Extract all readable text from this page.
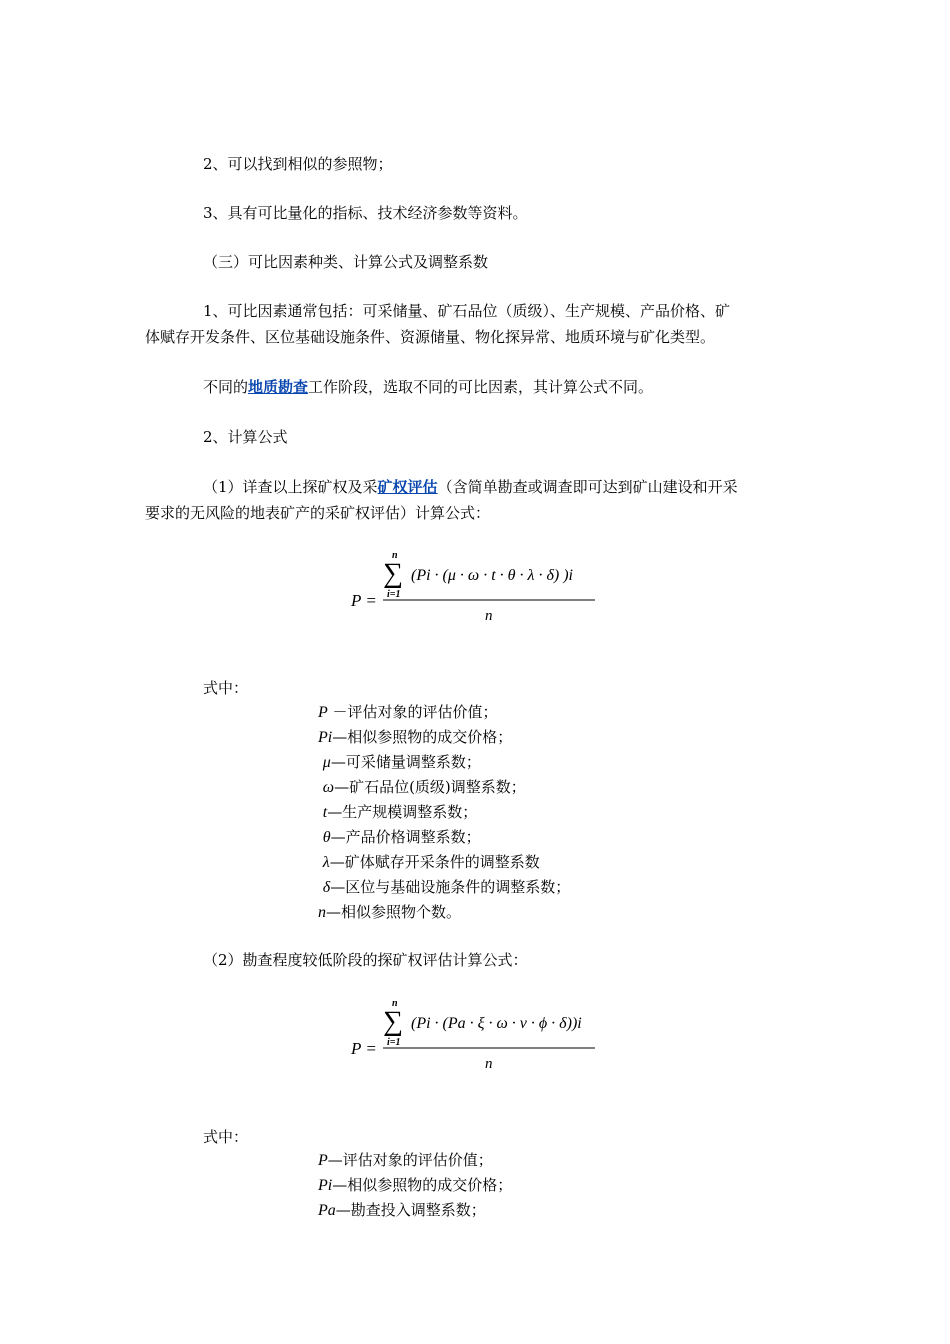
2、可以找到相似的参照物；

3、具有可比量化的指标、技术经济参数等资料。

（三）可比因素种类、计算公式及调整系数

1、可比因素通常包括：可采储量、矿石品位（质级）、生产规模、产品价格、矿

体赋存开发条件、区位基础设施条件、资源储量、物化探异常、地质环境与矿化类型。

不同的地质勘查工作阶段，选取不同的可比因素，其计算公式不同。

2、计算公式

（1）详查以上探矿权及采矿权评估（含简单勘查或调查即可达到矿山建设和开采

要求的无风险的地表矿产的采矿权评估）计算公式：

P =
n
∑
i=1
(Pi · (μ · ω · t · θ · λ · δ) )i
n

式中：

P －评估对象的评估价值；
Pi—相似参照物的成交价格；
μ—可采储量调整系数；
ω—矿石品位(质级)调整系数；
t—生产规模调整系数；
θ—产品价格调整系数；
λ—矿体赋存开采条件的调整系数
δ—区位与基础设施条件的调整系数；
n—相似参照物个数。

（2）勘查程度较低阶段的探矿权评估计算公式：

P =
n
∑
i=1
(Pi · (Pa · ξ · ω · ν · ϕ · δ))i
n

式中：

P—评估对象的评估价值；
Pi—相似参照物的成交价格；
Pa—勘查投入调整系数；
